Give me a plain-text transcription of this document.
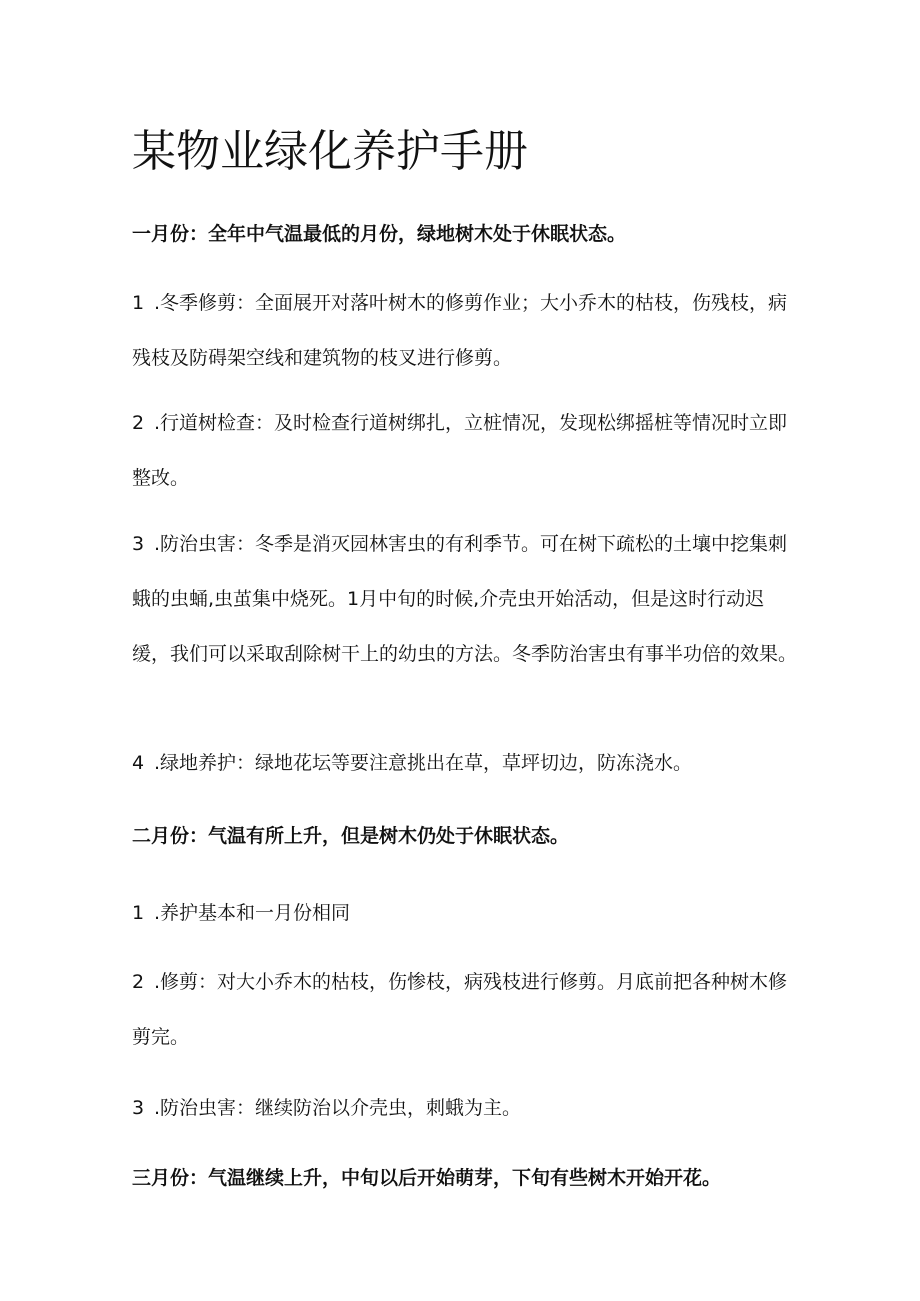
某物业绿化养护手册

一月份：全年中气温最低的月份，绿地树木处于休眠状态。

1 .冬季修剪：全面展开对落叶树木的修剪作业；大小乔木的枯枝，伤残枝，病残枝及防碍架空线和建筑物的枝叉进行修剪。

2 .行道树检查：及时检查行道树绑扎，立桩情况，发现松绑摇桩等情况时立即整改。

3 .防治虫害：冬季是消灭园林害虫的有利季节。可在树下疏松的土壤中挖集刺蛾的虫蛹,虫茧集中烧死。1月中旬的时候,介壳虫开始活动，但是这时行动迟缓，我们可以采取刮除树干上的幼虫的方法。冬季防治害虫有事半功倍的效果。

4 .绿地养护：绿地花坛等要注意挑出在草，草坪切边，防冻浇水。

二月份：气温有所上升，但是树木仍处于休眠状态。

1 .养护基本和一月份相同

2 .修剪：对大小乔木的枯枝，伤惨枝，病残枝进行修剪。月底前把各种树木修剪完。

3 .防治虫害：继续防治以介壳虫，刺蛾为主。

三月份：气温继续上升，中旬以后开始萌芽，下旬有些树木开始开花。
